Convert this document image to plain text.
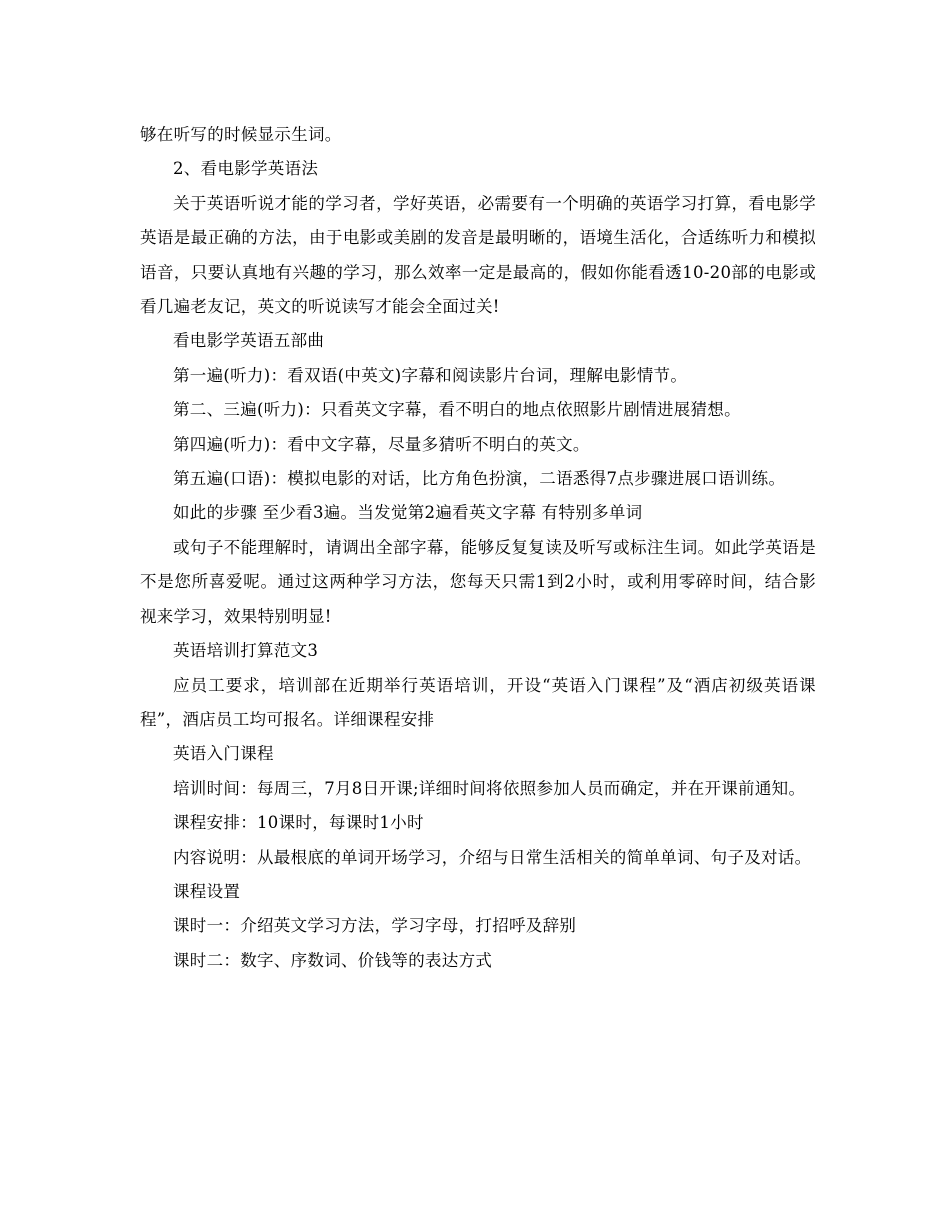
够在听写的时候显示生词。

2、看电影学英语法

关于英语听说才能的学习者，学好英语，必需要有一个明确的英语学习打算，看电影学英语是最正确的方法，由于电影或美剧的发音是最明晰的，语境生活化，合适练听力和模拟语音，只要认真地有兴趣的学习，那么效率一定是最高的，假如你能看透10-20部的电影或看几遍老友记，英文的听说读写才能会全面过关!

看电影学英语五部曲

第一遍(听力)：看双语(中英文)字幕和阅读影片台词，理解电影情节。

第二、三遍(听力)：只看英文字幕，看不明白的地点依照影片剧情进展猜想。

第四遍(听力)：看中文字幕，尽量多猜听不明白的英文。

第五遍(口语)：模拟电影的对话，比方角色扮演，二语悉得7点步骤进展口语训练。

如此的步骤 至少看3遍。当发觉第2遍看英文字幕 有特别多单词

或句子不能理解时，请调出全部字幕，能够反复复读及听写或标注生词。如此学英语是不是您所喜爱呢。通过这两种学习方法，您每天只需1到2小时，或利用零碎时间，结合影视来学习，效果特别明显!

英语培训打算范文3

应员工要求，培训部在近期举行英语培训，开设“英语入门课程”及“酒店初级英语课程”，酒店员工均可报名。详细课程安排

英语入门课程

培训时间：每周三，7月8日开课;详细时间将依照参加人员而确定，并在开课前通知。

课程安排：10课时，每课时1小时

内容说明：从最根底的单词开场学习，介绍与日常生活相关的简单单词、句子及对话。

课程设置

课时一：介绍英文学习方法，学习字母，打招呼及辞别

课时二：数字、序数词、价钱等的表达方式
